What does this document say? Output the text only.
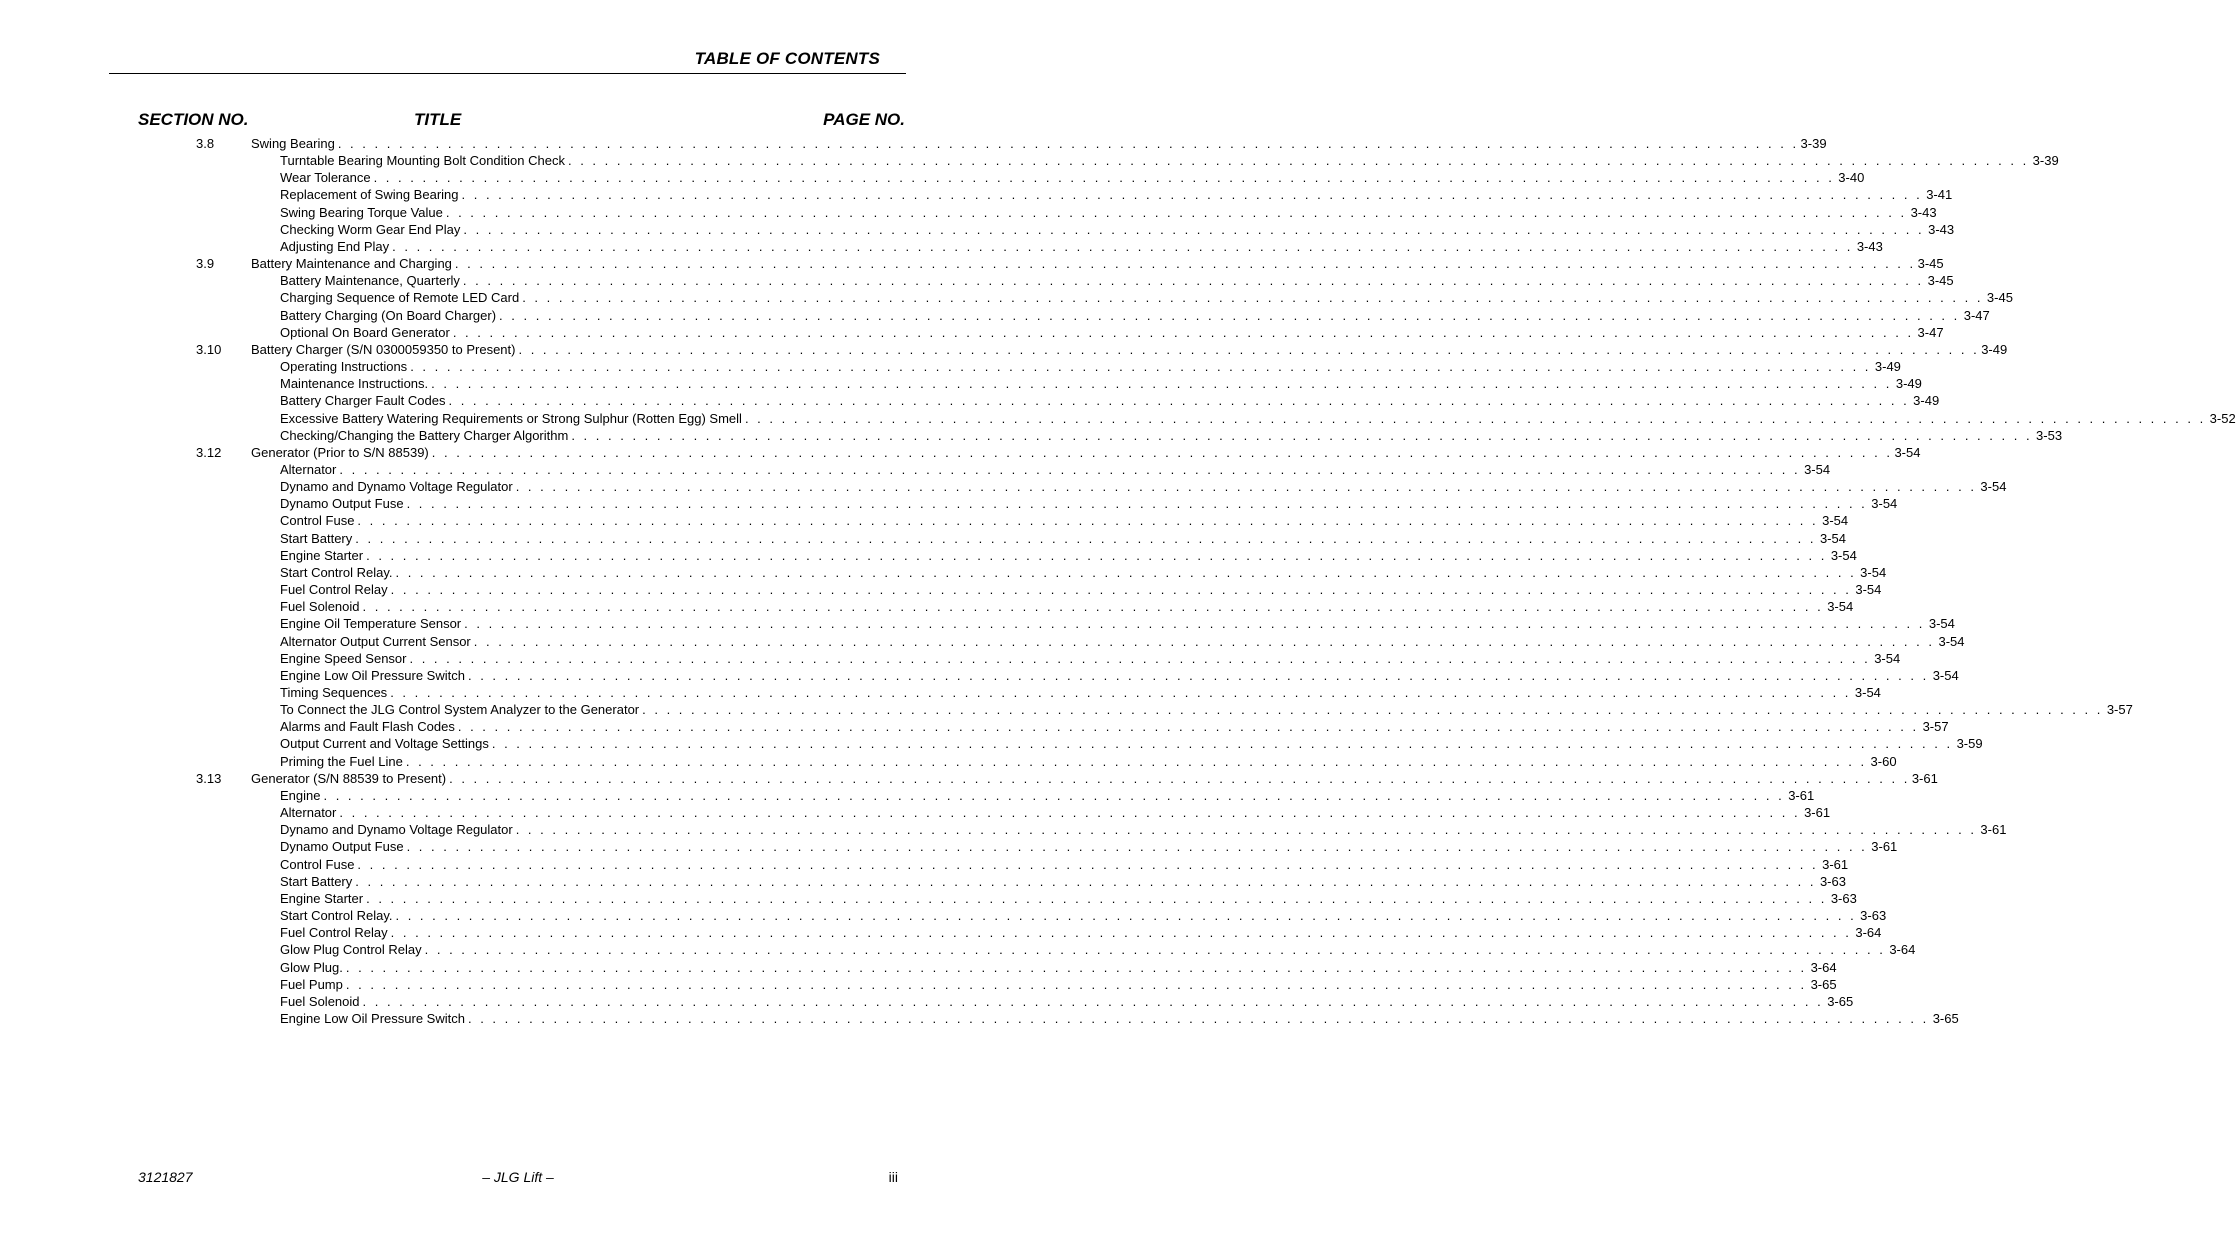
TABLE OF CONTENTS
SECTION NO.	TITLE	PAGE NO.
3.8	Swing Bearing . . . . . . . . . . . . . . . . . . . . . . . . . . . . . . . . . . . . . . . . . . . . . . . . . . . . . . . . . . . . . . . . . . . . . . . . . . . . . . . . . . . . . . . . . . . . . . . . . . . . . . . . . . . . . . . . . . . . . . . . 3-39
Turntable Bearing Mounting Bolt Condition Check . . . . . . . . . . . . . . . . . . . . . . . . . . . . . . . . . . . . . . . . . . . . . . . . . . . . . . . . . . . . . . . . . . . . . . . . . . . . . . . . . . . . . . . . . . . . . . . . . . . . . . . . . . . . . . . . . . . . . . . . 3-39
Wear Tolerance . . . . . . . . . . . . . . . . . . . . . . . . . . . . . . . . . . . . . . . . . . . . . . . . . . . . . . . . . . . . . . . . . . . . . . . . . . . . . . . . . . . . . . . . . . . . . . . . . . . . . . . . . . . . . . . . . . . . . . . . 3-40
Replacement of Swing Bearing . . . . . . . . . . . . . . . . . . . . . . . . . . . . . . . . . . . . . . . . . . . . . . . . . . . . . . . . . . . . . . . . . . . . . . . . . . . . . . . . . . . . . . . . . . . . . . . . . . . . . . . . . . . . . . . . . . . . . . . . 3-41
Swing Bearing Torque Value . . . . . . . . . . . . . . . . . . . . . . . . . . . . . . . . . . . . . . . . . . . . . . . . . . . . . . . . . . . . . . . . . . . . . . . . . . . . . . . . . . . . . . . . . . . . . . . . . . . . . . . . . . . . . . . . . . . . . . . . 3-43
Checking Worm Gear End Play . . . . . . . . . . . . . . . . . . . . . . . . . . . . . . . . . . . . . . . . . . . . . . . . . . . . . . . . . . . . . . . . . . . . . . . . . . . . . . . . . . . . . . . . . . . . . . . . . . . . . . . . . . . . . . . . . . . . . . . . 3-43
Adjusting End Play . . . . . . . . . . . . . . . . . . . . . . . . . . . . . . . . . . . . . . . . . . . . . . . . . . . . . . . . . . . . . . . . . . . . . . . . . . . . . . . . . . . . . . . . . . . . . . . . . . . . . . . . . . . . . . . . . . . . . . . . 3-43
3.9	Battery Maintenance and Charging . . . . . . . . . . . . . . . . . . . . . . . . . . . . . . . . . . . . . . . . . . . . . . . . . . . . . . . . . . . . . . . . . . . . . . . . . . . . . . . . . . . . . . . . . . . . . . . . . . . . . . . . . . . . . . . . . . . . . . . . 3-45
Battery Maintenance, Quarterly . . . . . . . . . . . . . . . . . . . . . . . . . . . . . . . . . . . . . . . . . . . . . . . . . . . . . . . . . . . . . . . . . . . . . . . . . . . . . . . . . . . . . . . . . . . . . . . . . . . . . . . . . . . . . . . . . . . . . . . . 3-45
Charging Sequence of Remote LED Card . . . . . . . . . . . . . . . . . . . . . . . . . . . . . . . . . . . . . . . . . . . . . . . . . . . . . . . . . . . . . . . . . . . . . . . . . . . . . . . . . . . . . . . . . . . . . . . . . . . . . . . . . . . . . . . . . . . . . . . . 3-45
Battery Charging (On Board Charger) . . . . . . . . . . . . . . . . . . . . . . . . . . . . . . . . . . . . . . . . . . . . . . . . . . . . . . . . . . . . . . . . . . . . . . . . . . . . . . . . . . . . . . . . . . . . . . . . . . . . . . . . . . . . . . . . . . . . . . . . 3-47
Optional On Board Generator . . . . . . . . . . . . . . . . . . . . . . . . . . . . . . . . . . . . . . . . . . . . . . . . . . . . . . . . . . . . . . . . . . . . . . . . . . . . . . . . . . . . . . . . . . . . . . . . . . . . . . . . . . . . . . . . . . . . . . . . 3-47
3.10 Battery Charger (S/N 0300059350 to Present) . . . . . . . . . . . . . . . . . . . . . . . . . . . . . . . . . . . . . . . . . . . . . . . . . . . . . . . . . . . . . . . . . . . . . . . . . . . . . . . . . . . . . . . . . . . . . . . . . . . . . . . . . . . . . . . . . . . . . . . . 3-49
Operating Instructions . . . . . . . . . . . . . . . . . . . . . . . . . . . . . . . . . . . . . . . . . . . . . . . . . . . . . . . . . . . . . . . . . . . . . . . . . . . . . . . . . . . . . . . . . . . . . . . . . . . . . . . . . . . . . . . . . . . . . . . . 3-49
Maintenance Instructions. . . . . . . . . . . . . . . . . . . . . . . . . . . . . . . . . . . . . . . . . . . . . . . . . . . . . . . . . . . . . . . . . . . . . . . . . . . . . . . . . . . . . . . . . . . . . . . . . . . . . . . . . . . . . . . . . . . . . . . . . 3-49
Battery Charger Fault Codes . . . . . . . . . . . . . . . . . . . . . . . . . . . . . . . . . . . . . . . . . . . . . . . . . . . . . . . . . . . . . . . . . . . . . . . . . . . . . . . . . . . . . . . . . . . . . . . . . . . . . . . . . . . . . . . . . . . . . . . . 3-49
Excessive Battery Watering Requirements or Strong Sulphur (Rotten Egg) Smell . . . . . . . . . . . . . . . . . . . . . . . . . . . . . . . . . . . . . . . . . . . . . . . . . . . . . . . . . . . . . . . . . . . . . . . . . . . . . . . . . . . . . . . . . . . . . . . . . . . . . . . . . . . . . . . . . . . . . . . . 3-52
Checking/Changing the Battery Charger Algorithm . . . . . . . . . . . . . . . . . . . . . . . . . . . . . . . . . . . . . . . . . . . . . . . . . . . . . . . . . . . . . . . . . . . . . . . . . . . . . . . . . . . . . . . . . . . . . . . . . . . . . . . . . . . . . . . . . . . . . . . . 3-53
3.12 Generator (Prior to S/N 88539) . . . . . . . . . . . . . . . . . . . . . . . . . . . . . . . . . . . . . . . . . . . . . . . . . . . . . . . . . . . . . . . . . . . . . . . . . . . . . . . . . . . . . . . . . . . . . . . . . . . . . . . . . . . . . . . . . . . . . . . . 3-54
Alternator . . . . . . . . . . . . . . . . . . . . . . . . . . . . . . . . . . . . . . . . . . . . . . . . . . . . . . . . . . . . . . . . . . . . . . . . . . . . . . . . . . . . . . . . . . . . . . . . . . . . . . . . . . . . . . . . . . . . . . . . 3-54
Dynamo and Dynamo Voltage Regulator . . . . . . . . . . . . . . . . . . . . . . . . . . . . . . . . . . . . . . . . . . . . . . . . . . . . . . . . . . . . . . . . . . . . . . . . . . . . . . . . . . . . . . . . . . . . . . . . . . . . . . . . . . . . . . . . . . . . . . . . 3-54
Dynamo Output Fuse . . . . . . . . . . . . . . . . . . . . . . . . . . . . . . . . . . . . . . . . . . . . . . . . . . . . . . . . . . . . . . . . . . . . . . . . . . . . . . . . . . . . . . . . . . . . . . . . . . . . . . . . . . . . . . . . . . . . . . . . 3-54
Control Fuse . . . . . . . . . . . . . . . . . . . . . . . . . . . . . . . . . . . . . . . . . . . . . . . . . . . . . . . . . . . . . . . . . . . . . . . . . . . . . . . . . . . . . . . . . . . . . . . . . . . . . . . . . . . . . . . . . . . . . . . . 3-54
Start Battery . . . . . . . . . . . . . . . . . . . . . . . . . . . . . . . . . . . . . . . . . . . . . . . . . . . . . . . . . . . . . . . . . . . . . . . . . . . . . . . . . . . . . . . . . . . . . . . . . . . . . . . . . . . . . . . . . . . . . . . . 3-54
Engine Starter . . . . . . . . . . . . . . . . . . . . . . . . . . . . . . . . . . . . . . . . . . . . . . . . . . . . . . . . . . . . . . . . . . . . . . . . . . . . . . . . . . . . . . . . . . . . . . . . . . . . . . . . . . . . . . . . . . . . . . . . 3-54
Start Control Relay. . . . . . . . . . . . . . . . . . . . . . . . . . . . . . . . . . . . . . . . . . . . . . . . . . . . . . . . . . . . . . . . . . . . . . . . . . . . . . . . . . . . . . . . . . . . . . . . . . . . . . . . . . . . . . . . . . . . . . . . . 3-54
Fuel Control Relay . . . . . . . . . . . . . . . . . . . . . . . . . . . . . . . . . . . . . . . . . . . . . . . . . . . . . . . . . . . . . . . . . . . . . . . . . . . . . . . . . . . . . . . . . . . . . . . . . . . . . . . . . . . . . . . . . . . . . . . . 3-54
Fuel Solenoid . . . . . . . . . . . . . . . . . . . . . . . . . . . . . . . . . . . . . . . . . . . . . . . . . . . . . . . . . . . . . . . . . . . . . . . . . . . . . . . . . . . . . . . . . . . . . . . . . . . . . . . . . . . . . . . . . . . . . . . . 3-54
Engine Oil Temperature Sensor . . . . . . . . . . . . . . . . . . . . . . . . . . . . . . . . . . . . . . . . . . . . . . . . . . . . . . . . . . . . . . . . . . . . . . . . . . . . . . . . . . . . . . . . . . . . . . . . . . . . . . . . . . . . . . . . . . . . . . . . 3-54
Alternator Output Current Sensor . . . . . . . . . . . . . . . . . . . . . . . . . . . . . . . . . . . . . . . . . . . . . . . . . . . . . . . . . . . . . . . . . . . . . . . . . . . . . . . . . . . . . . . . . . . . . . . . . . . . . . . . . . . . . . . . . . . . . . . . 3-54
Engine Speed Sensor . . . . . . . . . . . . . . . . . . . . . . . . . . . . . . . . . . . . . . . . . . . . . . . . . . . . . . . . . . . . . . . . . . . . . . . . . . . . . . . . . . . . . . . . . . . . . . . . . . . . . . . . . . . . . . . . . . . . . . . . 3-54
Engine Low Oil Pressure Switch . . . . . . . . . . . . . . . . . . . . . . . . . . . . . . . . . . . . . . . . . . . . . . . . . . . . . . . . . . . . . . . . . . . . . . . . . . . . . . . . . . . . . . . . . . . . . . . . . . . . . . . . . . . . . . . . . . . . . . . . 3-54
Timing Sequences . . . . . . . . . . . . . . . . . . . . . . . . . . . . . . . . . . . . . . . . . . . . . . . . . . . . . . . . . . . . . . . . . . . . . . . . . . . . . . . . . . . . . . . . . . . . . . . . . . . . . . . . . . . . . . . . . . . . . . . . 3-54
To Connect the JLG Control System Analyzer to the Generator . . . . . . . . . . . . . . . . . . . . . . . . . . . . . . . . . . . . . . . . . . . . . . . . . . . . . . . . . . . . . . . . . . . . . . . . . . . . . . . . . . . . . . . . . . . . . . . . . . . . . . . . . . . . . . . . . . . . . . . . 3-57
Alarms and Fault Flash Codes . . . . . . . . . . . . . . . . . . . . . . . . . . . . . . . . . . . . . . . . . . . . . . . . . . . . . . . . . . . . . . . . . . . . . . . . . . . . . . . . . . . . . . . . . . . . . . . . . . . . . . . . . . . . . . . . . . . . . . . . 3-57
Output Current and Voltage Settings . . . . . . . . . . . . . . . . . . . . . . . . . . . . . . . . . . . . . . . . . . . . . . . . . . . . . . . . . . . . . . . . . . . . . . . . . . . . . . . . . . . . . . . . . . . . . . . . . . . . . . . . . . . . . . . . . . . . . . . . 3-59
Priming the Fuel Line . . . . . . . . . . . . . . . . . . . . . . . . . . . . . . . . . . . . . . . . . . . . . . . . . . . . . . . . . . . . . . . . . . . . . . . . . . . . . . . . . . . . . . . . . . . . . . . . . . . . . . . . . . . . . . . . . . . . . . . . 3-60
3.13 Generator (S/N 88539 to Present) . . . . . . . . . . . . . . . . . . . . . . . . . . . . . . . . . . . . . . . . . . . . . . . . . . . . . . . . . . . . . . . . . . . . . . . . . . . . . . . . . . . . . . . . . . . . . . . . . . . . . . . . . . . . . . . . . . . . . . . . 3-61
Engine . . . . . . . . . . . . . . . . . . . . . . . . . . . . . . . . . . . . . . . . . . . . . . . . . . . . . . . . . . . . . . . . . . . . . . . . . . . . . . . . . . . . . . . . . . . . . . . . . . . . . . . . . . . . . . . . . . . . . . . . 3-61
Alternator . . . . . . . . . . . . . . . . . . . . . . . . . . . . . . . . . . . . . . . . . . . . . . . . . . . . . . . . . . . . . . . . . . . . . . . . . . . . . . . . . . . . . . . . . . . . . . . . . . . . . . . . . . . . . . . . . . . . . . . . 3-61
Dynamo and Dynamo Voltage Regulator . . . . . . . . . . . . . . . . . . . . . . . . . . . . . . . . . . . . . . . . . . . . . . . . . . . . . . . . . . . . . . . . . . . . . . . . . . . . . . . . . . . . . . . . . . . . . . . . . . . . . . . . . . . . . . . . . . . . . . . . 3-61
Dynamo Output Fuse . . . . . . . . . . . . . . . . . . . . . . . . . . . . . . . . . . . . . . . . . . . . . . . . . . . . . . . . . . . . . . . . . . . . . . . . . . . . . . . . . . . . . . . . . . . . . . . . . . . . . . . . . . . . . . . . . . . . . . . . 3-61
Control Fuse . . . . . . . . . . . . . . . . . . . . . . . . . . . . . . . . . . . . . . . . . . . . . . . . . . . . . . . . . . . . . . . . . . . . . . . . . . . . . . . . . . . . . . . . . . . . . . . . . . . . . . . . . . . . . . . . . . . . . . . . 3-61
Start Battery . . . . . . . . . . . . . . . . . . . . . . . . . . . . . . . . . . . . . . . . . . . . . . . . . . . . . . . . . . . . . . . . . . . . . . . . . . . . . . . . . . . . . . . . . . . . . . . . . . . . . . . . . . . . . . . . . . . . . . . . 3-63
Engine Starter . . . . . . . . . . . . . . . . . . . . . . . . . . . . . . . . . . . . . . . . . . . . . . . . . . . . . . . . . . . . . . . . . . . . . . . . . . . . . . . . . . . . . . . . . . . . . . . . . . . . . . . . . . . . . . . . . . . . . . . . 3-63
Start Control Relay. . . . . . . . . . . . . . . . . . . . . . . . . . . . . . . . . . . . . . . . . . . . . . . . . . . . . . . . . . . . . . . . . . . . . . . . . . . . . . . . . . . . . . . . . . . . . . . . . . . . . . . . . . . . . . . . . . . . . . . . . 3-63
Fuel Control Relay . . . . . . . . . . . . . . . . . . . . . . . . . . . . . . . . . . . . . . . . . . . . . . . . . . . . . . . . . . . . . . . . . . . . . . . . . . . . . . . . . . . . . . . . . . . . . . . . . . . . . . . . . . . . . . . . . . . . . . . . 3-64
Glow Plug Control Relay . . . . . . . . . . . . . . . . . . . . . . . . . . . . . . . . . . . . . . . . . . . . . . . . . . . . . . . . . . . . . . . . . . . . . . . . . . . . . . . . . . . . . . . . . . . . . . . . . . . . . . . . . . . . . . . . . . . . . . . . 3-64
Glow Plug. . . . . . . . . . . . . . . . . . . . . . . . . . . . . . . . . . . . . . . . . . . . . . . . . . . . . . . . . . . . . . . . . . . . . . . . . . . . . . . . . . . . . . . . . . . . . . . . . . . . . . . . . . . . . . . . . . . . . . . . . 3-64
Fuel Pump . . . . . . . . . . . . . . . . . . . . . . . . . . . . . . . . . . . . . . . . . . . . . . . . . . . . . . . . . . . . . . . . . . . . . . . . . . . . . . . . . . . . . . . . . . . . . . . . . . . . . . . . . . . . . . . . . . . . . . . . 3-65
Fuel Solenoid . . . . . . . . . . . . . . . . . . . . . . . . . . . . . . . . . . . . . . . . . . . . . . . . . . . . . . . . . . . . . . . . . . . . . . . . . . . . . . . . . . . . . . . . . . . . . . . . . . . . . . . . . . . . . . . . . . . . . . . . 3-65
Engine Low Oil Pressure Switch . . . . . . . . . . . . . . . . . . . . . . . . . . . . . . . . . . . . . . . . . . . . . . . . . . . . . . . . . . . . . . . . . . . . . . . . . . . . . . . . . . . . . . . . . . . . . . . . . . . . . . . . . . . . . . . . . . . . . . . . 3-65
3121827	– JLG Lift –	iii
